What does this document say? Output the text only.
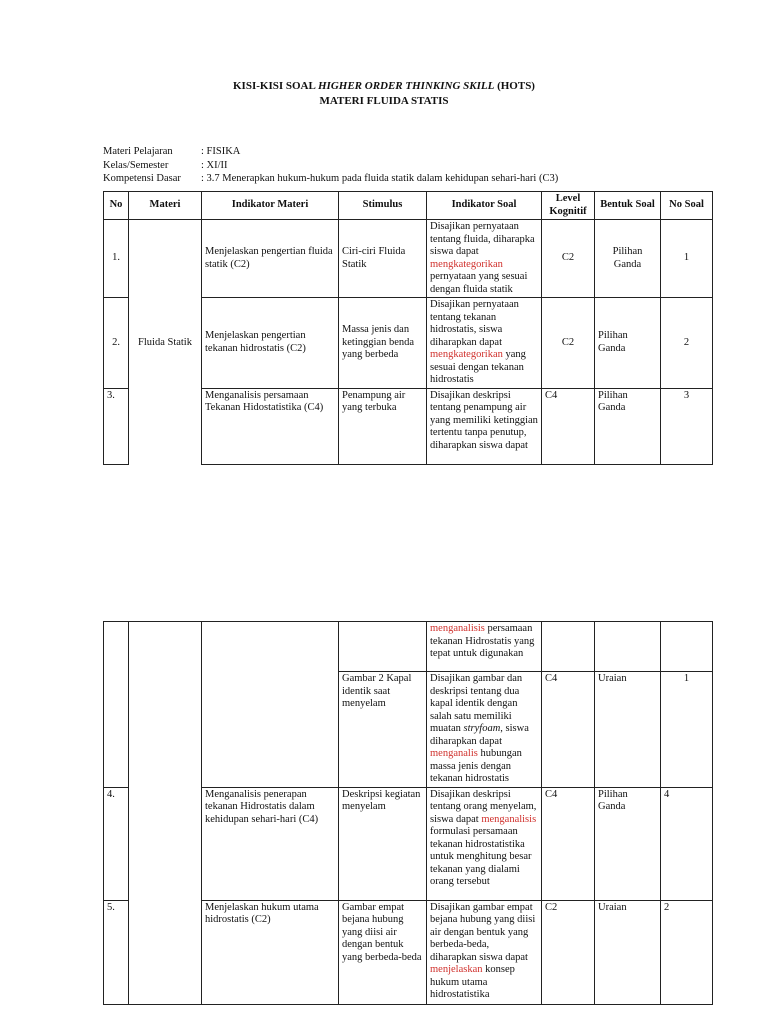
KISI-KISI SOAL HIGHER ORDER THINKING SKILL (HOTS)
MATERI FLUIDA STATIS
Materi Pelajaran	: FISIKA
Kelas/Semester	: XI/II
Kompetensi Dasar	: 3.7 Menerapkan hukum-hukum pada fluida statik dalam kehidupan sehari-hari (C3)
No	Materi	Indikator Materi	Stimulus	Indikator Soal	Level Kognitif	Bentuk Soal	No Soal
1.	Fluida Statik	Menjelaskan pengertian fluida statik (C2)	Ciri-ciri Fluida Statik	Disajikan pernyataan tentang fluida, diharapka siswa dapat mengkategorikan pernyataan yang sesuai dengan fluida statik	C2	Pilihan Ganda	1
2.		Menjelaskan pengertian tekanan hidrostatis (C2)	Massa jenis dan ketinggian benda yang berbeda	Disajikan pernyataan tentang tekanan hidrostatis, siswa diharapkan dapat mengkategorikan yang sesuai dengan tekanan hidrostatis	C2	Pilihan Ganda	2
3.		Menganalisis persamaan Tekanan Hidostatistika (C4)	Penampung air yang terbuka	Disajikan deskripsi tentang penampung air yang memiliki ketinggian tertentu tanpa penutup, diharapkan siswa dapat	C4	Pilihan Ganda	3
				menganalisis persamaan tekanan Hidrostatis yang tepat untuk digunakan			
			Gambar 2 Kapal identik saat menyelam	Disajikan gambar dan deskripsi tentang dua kapal identik dengan salah satu memiliki muatan stryfoam, siswa diharapkan dapat menganalis hubungan massa jenis dengan tekanan hidrostatis	C4	Uraian	1
4.		Menganalisis penerapan tekanan Hidrostatis dalam kehidupan sehari-hari (C4)	Deskripsi kegiatan menyelam	Disajikan deskripsi tentang orang menyelam, siswa dapat menganalisis formulasi persamaan tekanan hidrostatistika untuk menghitung besar tekanan yang dialami orang tersebut	C4	Pilihan Ganda	4
5.		Menjelaskan hukum utama hidrostatis (C2)	Gambar empat bejana hubung yang diisi air dengan bentuk yang berbeda-beda	Disajikan gambar empat bejana hubung yang diisi air dengan bentuk yang berbeda-beda, diharapkan siswa dapat menjelaskan konsep hukum utama hidrostatistika	C2	Uraian	2
